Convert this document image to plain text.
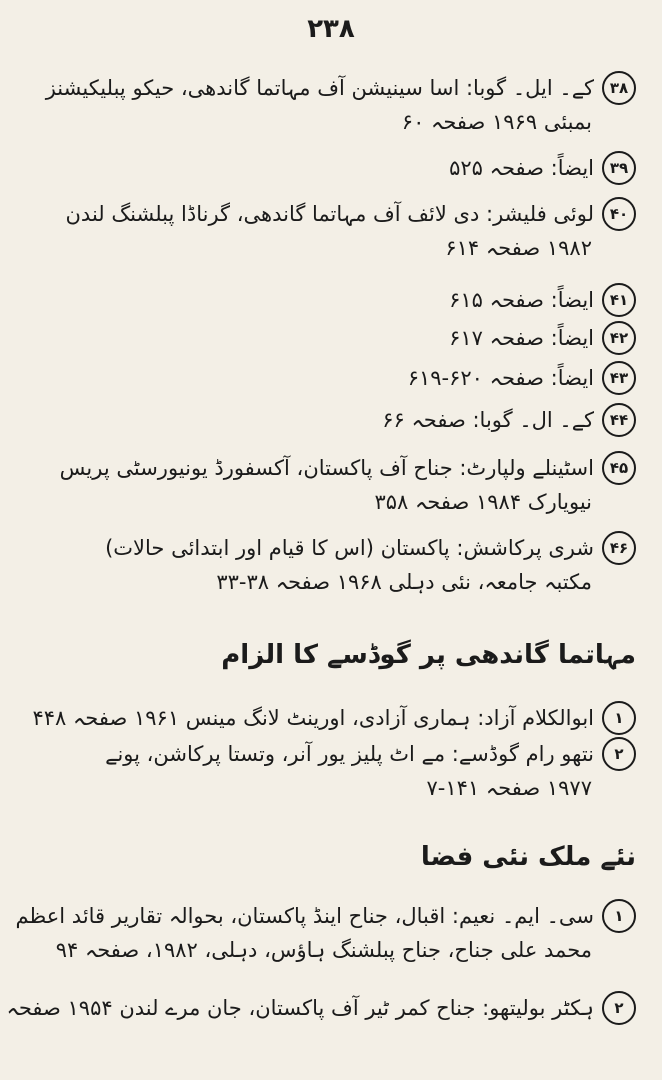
۲۳۸
۳۸کے۔ ایل۔ گوبا: اسا سینیشن آف مہاتما گاندھی، حیکو پبلیکیشنز
بمبئی ۱۹۶۹ صفحہ ۶۰
۳۹ایضاً: صفحہ ۵۲۵
۴۰لوئی فلیشر: دی لائف آف مہاتما گاندھی، گرناڈا پبلشنگ لندن
۱۹۸۲ صفحہ ۶۱۴
۴۱ایضاً: صفحہ ۶۱۵
۴۲ایضاً: صفحہ ۶۱۷
۴۳ایضاً: صفحہ ۶۲۰-۶۱۹
۴۴کے۔ ال۔ گوبا: صفحہ ۶۶
۴۵اسٹینلے ولپارٹ: جناح آف پاکستان، آکسفورڈ یونیورسٹی پریس
نیویارک ۱۹۸۴ صفحہ ۳۵۸
۴۶شری پرکاشش: پاکستان (اس کا قیام اور ابتدائی حالات)
مکتبہ جامعہ، نئی دہلی ۱۹۶۸ صفحہ ۳۸-۳۳
مہاتما گاندھی پر گوڈسے کا الزام
۱ابوالکلام آزاد: ہماری آزادی، اورینٹ لانگ مینس ۱۹۶۱ صفحہ ۴۴۸
۲نتھو رام گوڈسے: مے اٹ پلیز یور آنر، وتستا پرکاشن، پونے
۱۹۷۷ صفحہ ۱۴۱-۷
نئے ملک نئی فضا
۱سی۔ ایم۔ نعیم: اقبال، جناح اینڈ پاکستان، بحوالہ تقاریر قائد اعظم
محمد علی جناح، جناح پبلشنگ ہاؤس، دہلی، ۱۹۸۲، صفحہ ۹۴
۲ہکٹر بولیتھو: جناح کمر ٹیر آف پاکستان، جان مرے لندن ۱۹۵۴ صفحہ
